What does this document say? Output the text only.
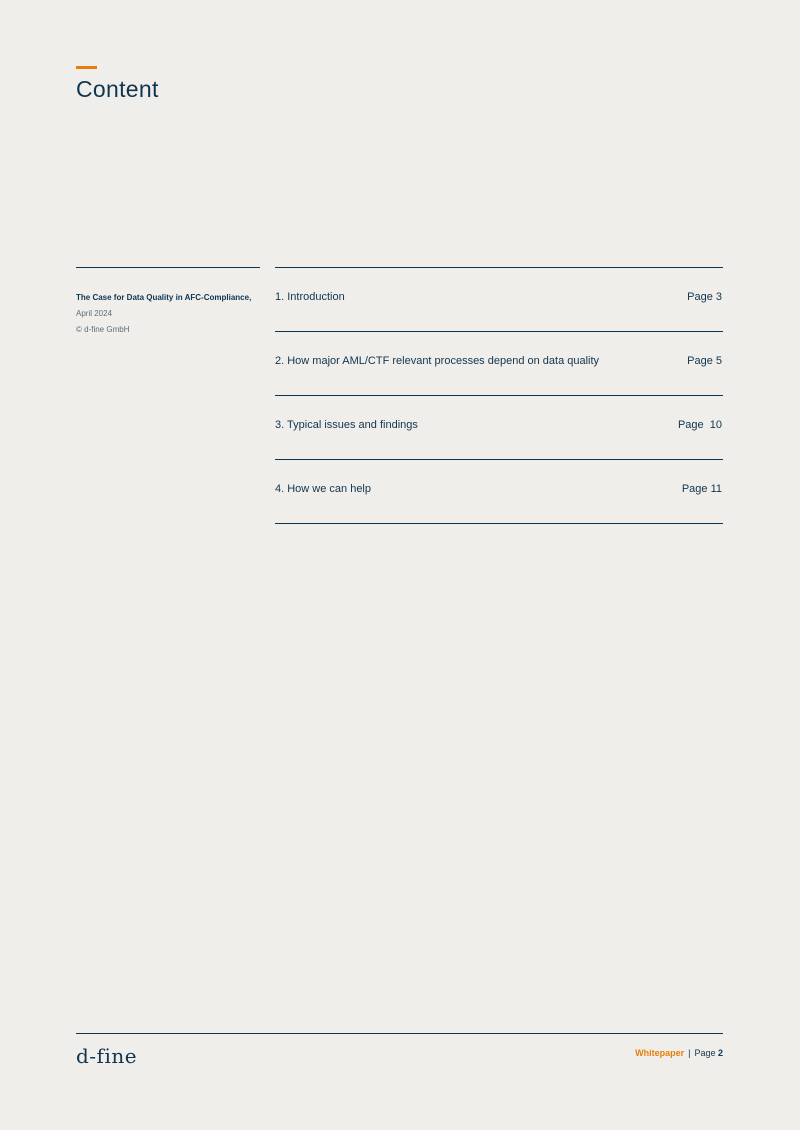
Content
The Case for Data Quality in AFC-Compliance,
April 2024
© d-fine GmbH
1. Introduction	Page 3
2. How major AML/CTF relevant processes depend on data quality	Page 5
3. Typical issues and findings	Page  10
4. How we can help	Page 11
d-fine	Whitepaper | Page 2
